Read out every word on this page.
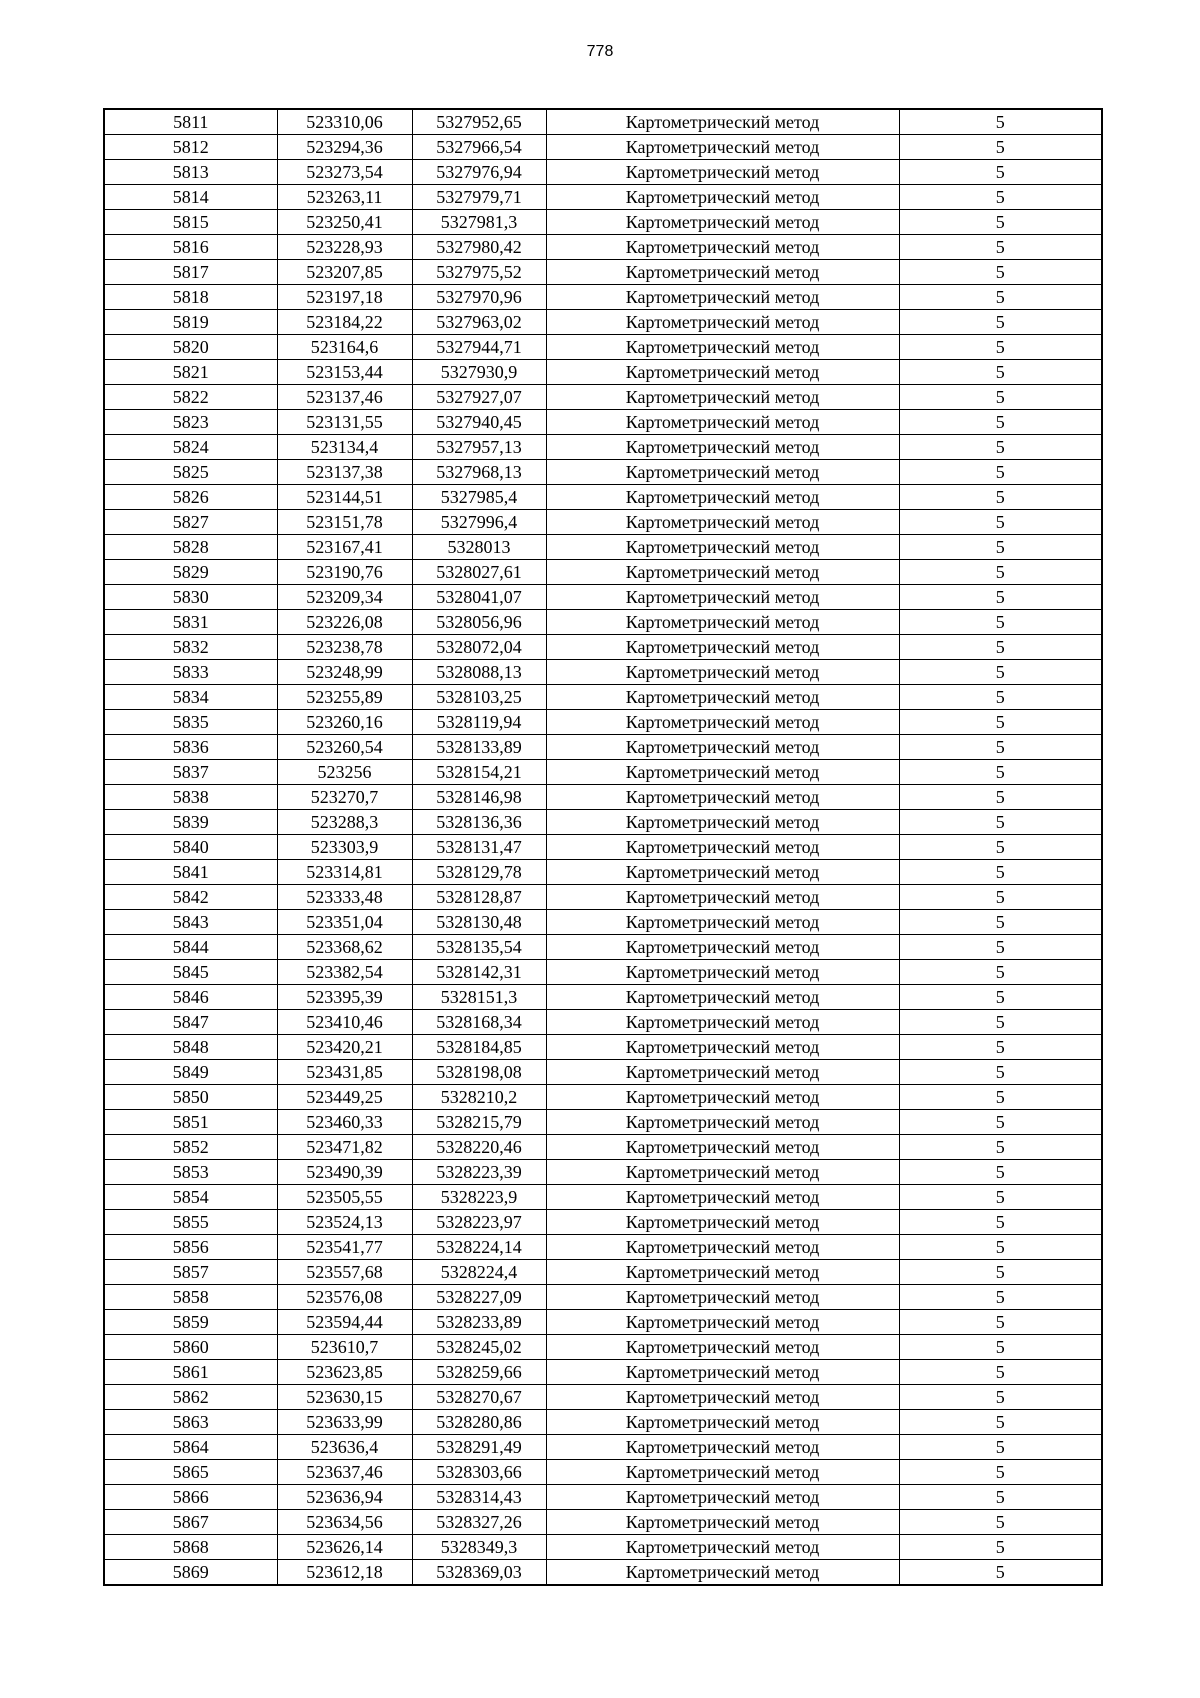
778
5811	523310,06	5327952,65	Картометрический метод	5
5812	523294,36	5327966,54	Картометрический метод	5
5813	523273,54	5327976,94	Картометрический метод	5
5814	523263,11	5327979,71	Картометрический метод	5
5815	523250,41	5327981,3	Картометрический метод	5
5816	523228,93	5327980,42	Картометрический метод	5
5817	523207,85	5327975,52	Картометрический метод	5
5818	523197,18	5327970,96	Картометрический метод	5
5819	523184,22	5327963,02	Картометрический метод	5
5820	523164,6	5327944,71	Картометрический метод	5
5821	523153,44	5327930,9	Картометрический метод	5
5822	523137,46	5327927,07	Картометрический метод	5
5823	523131,55	5327940,45	Картометрический метод	5
5824	523134,4	5327957,13	Картометрический метод	5
5825	523137,38	5327968,13	Картометрический метод	5
5826	523144,51	5327985,4	Картометрический метод	5
5827	523151,78	5327996,4	Картометрический метод	5
5828	523167,41	5328013	Картометрический метод	5
5829	523190,76	5328027,61	Картометрический метод	5
5830	523209,34	5328041,07	Картометрический метод	5
5831	523226,08	5328056,96	Картометрический метод	5
5832	523238,78	5328072,04	Картометрический метод	5
5833	523248,99	5328088,13	Картометрический метод	5
5834	523255,89	5328103,25	Картометрический метод	5
5835	523260,16	5328119,94	Картометрический метод	5
5836	523260,54	5328133,89	Картометрический метод	5
5837	523256	5328154,21	Картометрический метод	5
5838	523270,7	5328146,98	Картометрический метод	5
5839	523288,3	5328136,36	Картометрический метод	5
5840	523303,9	5328131,47	Картометрический метод	5
5841	523314,81	5328129,78	Картометрический метод	5
5842	523333,48	5328128,87	Картометрический метод	5
5843	523351,04	5328130,48	Картометрический метод	5
5844	523368,62	5328135,54	Картометрический метод	5
5845	523382,54	5328142,31	Картометрический метод	5
5846	523395,39	5328151,3	Картометрический метод	5
5847	523410,46	5328168,34	Картометрический метод	5
5848	523420,21	5328184,85	Картометрический метод	5
5849	523431,85	5328198,08	Картометрический метод	5
5850	523449,25	5328210,2	Картометрический метод	5
5851	523460,33	5328215,79	Картометрический метод	5
5852	523471,82	5328220,46	Картометрический метод	5
5853	523490,39	5328223,39	Картометрический метод	5
5854	523505,55	5328223,9	Картометрический метод	5
5855	523524,13	5328223,97	Картометрический метод	5
5856	523541,77	5328224,14	Картометрический метод	5
5857	523557,68	5328224,4	Картометрический метод	5
5858	523576,08	5328227,09	Картометрический метод	5
5859	523594,44	5328233,89	Картометрический метод	5
5860	523610,7	5328245,02	Картометрический метод	5
5861	523623,85	5328259,66	Картометрический метод	5
5862	523630,15	5328270,67	Картометрический метод	5
5863	523633,99	5328280,86	Картометрический метод	5
5864	523636,4	5328291,49	Картометрический метод	5
5865	523637,46	5328303,66	Картометрический метод	5
5866	523636,94	5328314,43	Картометрический метод	5
5867	523634,56	5328327,26	Картометрический метод	5
5868	523626,14	5328349,3	Картометрический метод	5
5869	523612,18	5328369,03	Картометрический метод	5
